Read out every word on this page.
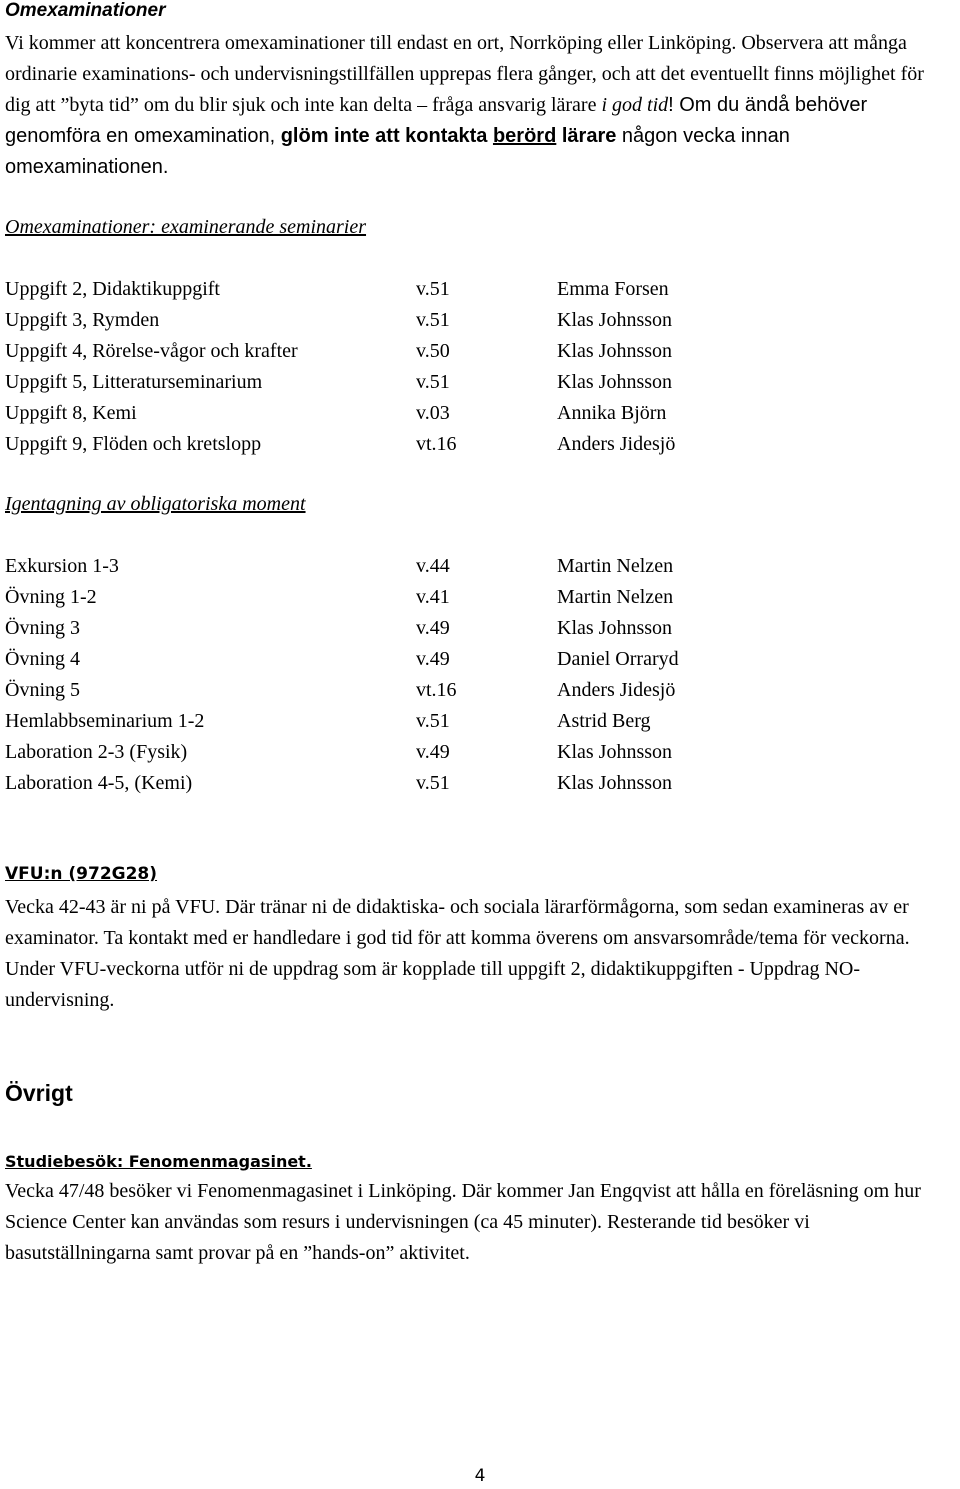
Omexaminationer

Vi kommer att koncentrera omexaminationer till endast en ort, Norrköping eller Linköping. Observera att många ordinarie examinations- och undervisningstillfällen upprepas flera gånger, och att det eventuellt finns möjlighet för dig att ”byta tid” om du blir sjuk och inte kan delta – fråga ansvarig lärare i god tid! Om du ändå behöver genomföra en omexamination, glöm inte att kontakta berörd lärare någon vecka innan omexaminationen.

Omexaminationer: examinerande seminarier
Uppgift 2, Didaktikuppgift	v.51	Emma Forsen
Uppgift 3, Rymden	v.51	Klas Johnsson
Uppgift 4, Rörelse-vågor och krafter	v.50	Klas Johnsson
Uppgift 5, Litteraturseminarium	v.51	Klas Johnsson
Uppgift 8, Kemi	v.03	Annika Björn
Uppgift 9, Flöden och kretslopp	vt.16	Anders Jidesjö
Igentagning av obligatoriska moment
Exkursion 1-3	v.44	Martin Nelzen
Övning 1-2	v.41	Martin Nelzen
Övning 3	v.49	Klas Johnsson
Övning 4	v.49	Daniel Orraryd
Övning 5	vt.16	Anders Jidesjö
Hemlabbseminarium 1-2	v.51	Astrid Berg
Laboration 2-3 (Fysik)	v.49	Klas Johnsson
Laboration 4-5, (Kemi)	v.51	Klas Johnsson
VFU:n (972G28)

Vecka 42-43 är ni på VFU. Där tränar ni de didaktiska- och sociala lärarförmågorna, som sedan examineras av er examinator. Ta kontakt med er handledare i god tid för att komma överens om ansvarsområde/tema för veckorna. Under VFU-veckorna utför ni de uppdrag som är kopplade till uppgift 2, didaktikuppgiften - Uppdrag NO-undervisning.

Övrigt
Studiebesök: Fenomenmagasinet.

Vecka 47/48 besöker vi Fenomenmagasinet i Linköping. Där kommer Jan Engqvist att hålla en föreläsning om hur Science Center kan användas som resurs i undervisningen (ca 45 minuter). Resterande tid besöker vi basutställningarna samt provar på en ”hands-on” aktivitet.

4
